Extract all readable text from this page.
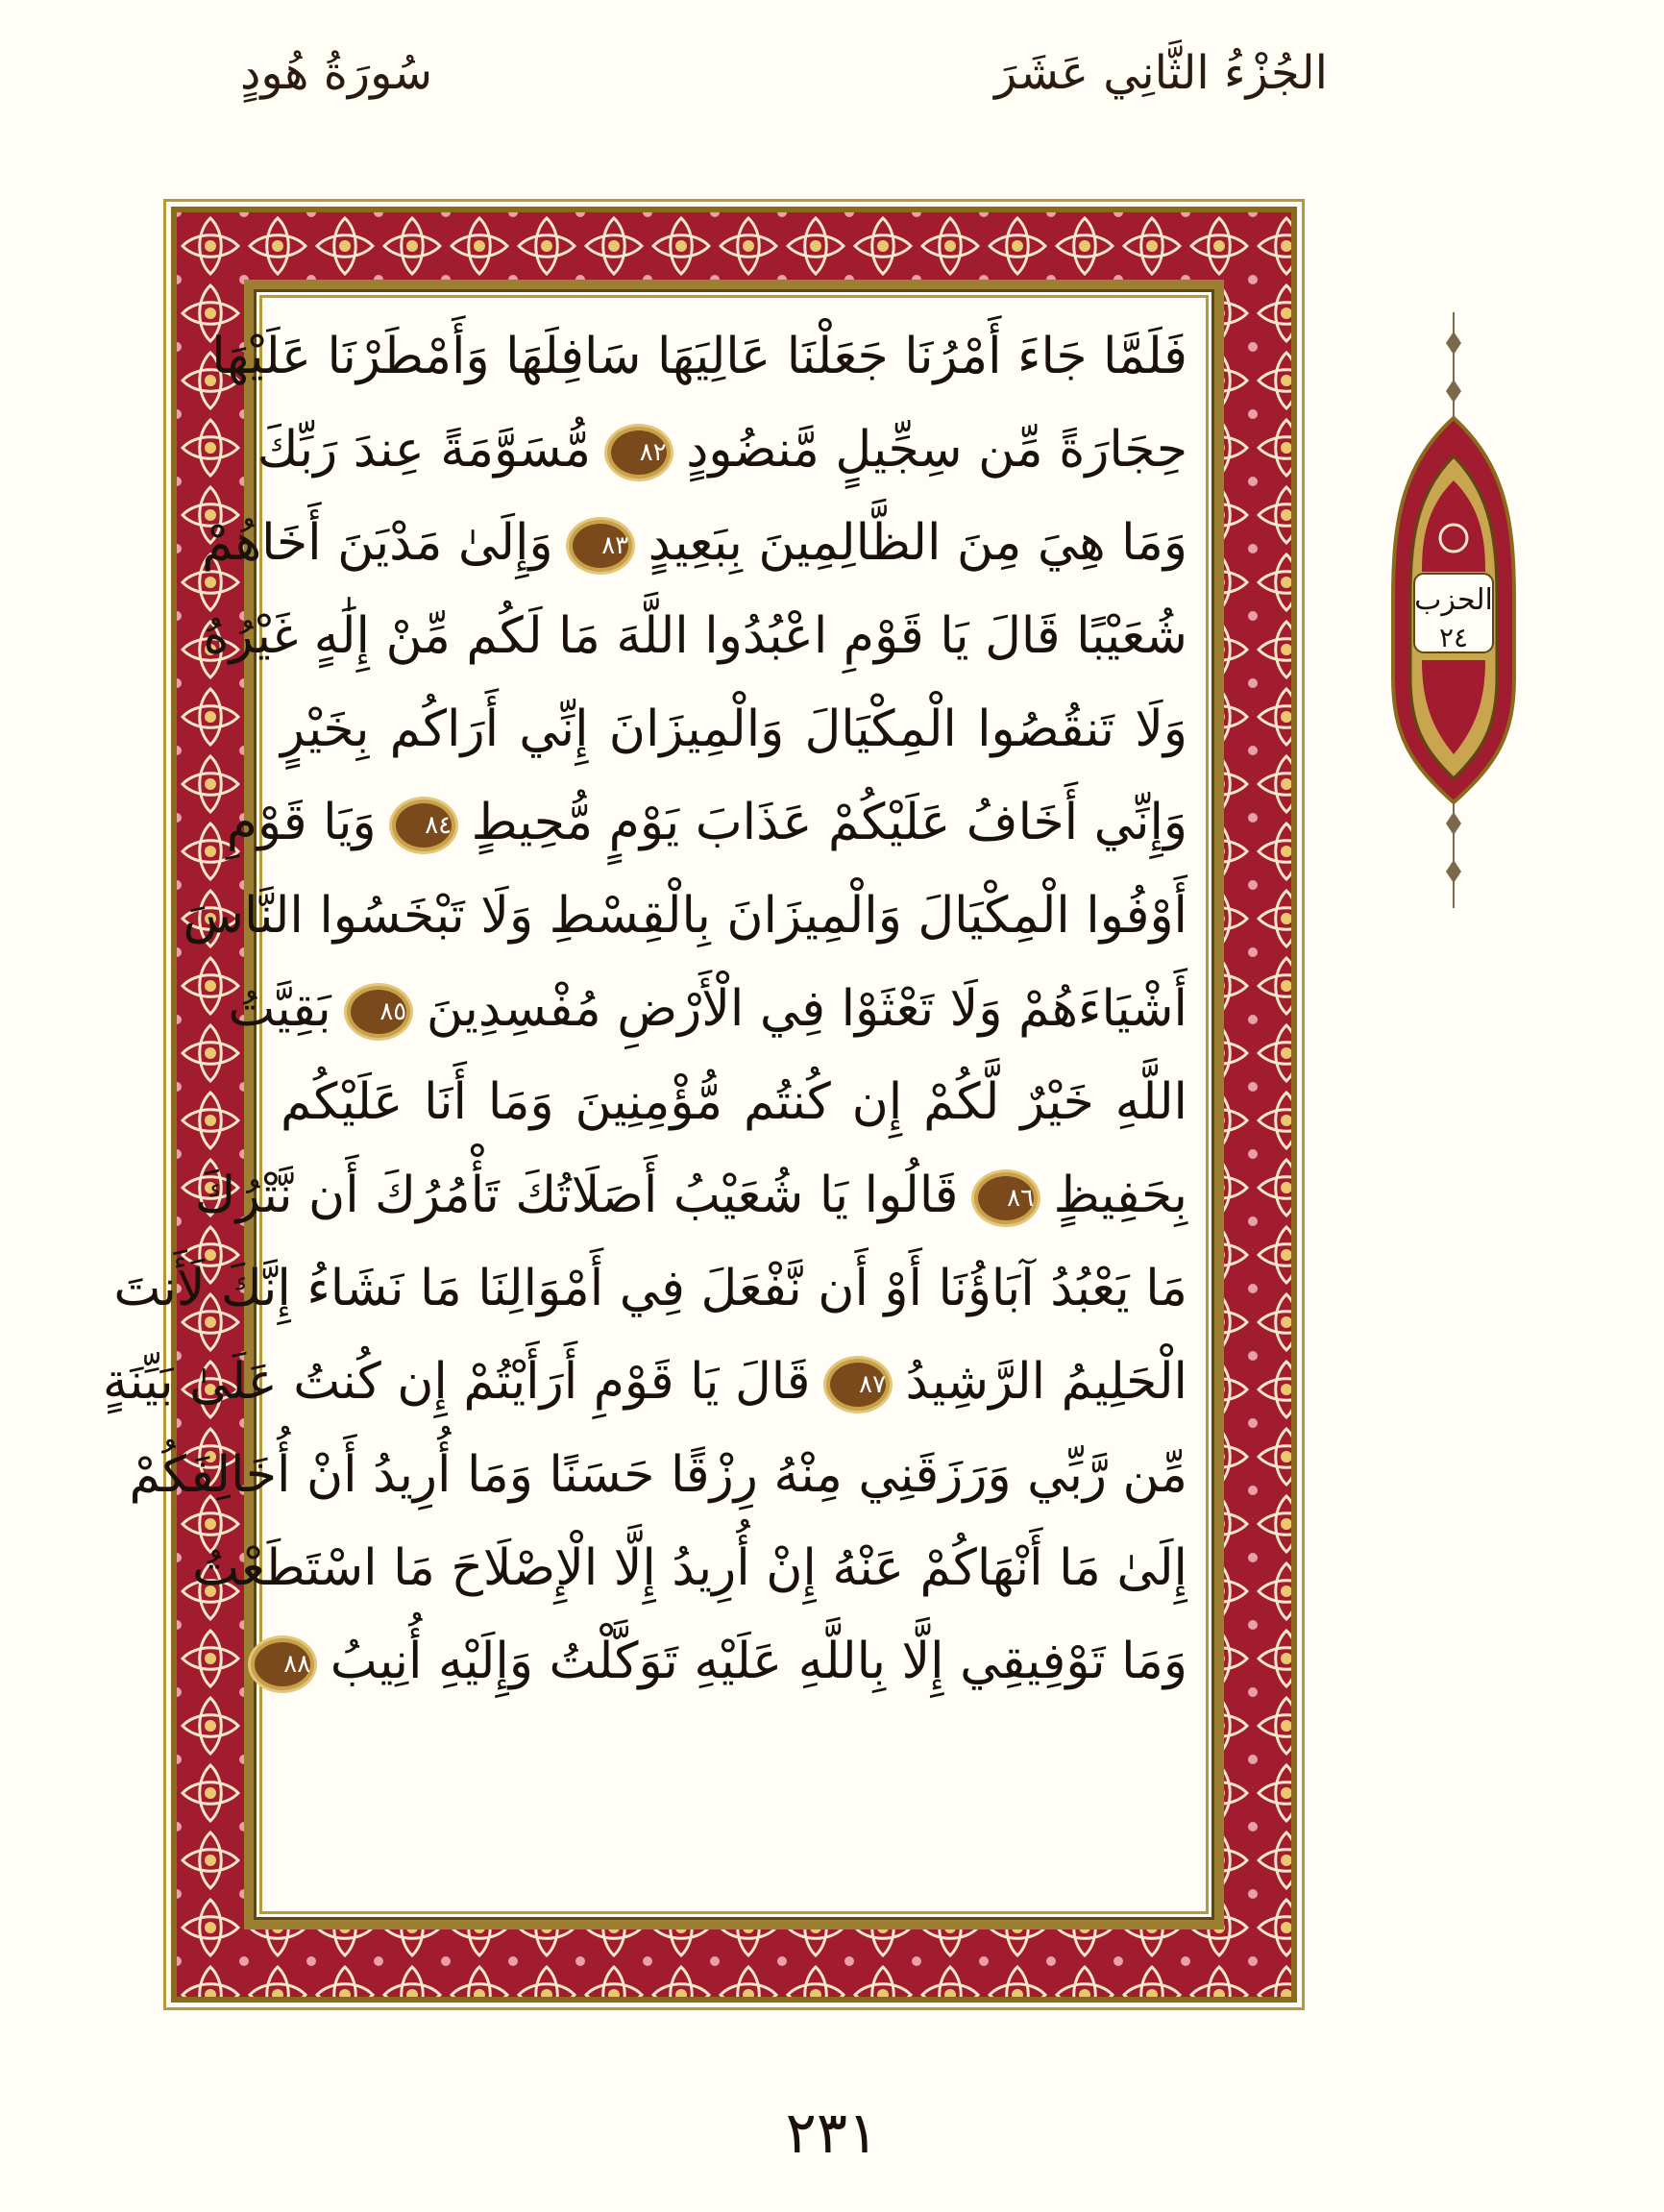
الجُزْءُ الثَّانِي عَشَرَ
سُورَةُ هُودٍ
فَلَمَّا جَاءَ أَمْرُنَا جَعَلْنَا عَالِيَهَا سَافِلَهَا وَأَمْطَرْنَا عَلَيْهَا
حِجَارَةً مِّن سِجِّيلٍ مَّنضُودٍ ٨٢ مُّسَوَّمَةً عِندَ رَبِّكَ
وَمَا هِيَ مِنَ الظَّالِمِينَ بِبَعِيدٍ ٨٣ وَإِلَىٰ مَدْيَنَ أَخَاهُمْ
شُعَيْبًا قَالَ يَا قَوْمِ اعْبُدُوا اللَّهَ مَا لَكُم مِّنْ إِلَٰهٍ غَيْرُهُ
وَلَا تَنقُصُوا الْمِكْيَالَ وَالْمِيزَانَ إِنِّي أَرَاكُم بِخَيْرٍ
وَإِنِّي أَخَافُ عَلَيْكُمْ عَذَابَ يَوْمٍ مُّحِيطٍ ٨٤ وَيَا قَوْمِ
أَوْفُوا الْمِكْيَالَ وَالْمِيزَانَ بِالْقِسْطِ وَلَا تَبْخَسُوا النَّاسَ
أَشْيَاءَهُمْ وَلَا تَعْثَوْا فِي الْأَرْضِ مُفْسِدِينَ ٨٥ بَقِيَّتُ
اللَّهِ خَيْرٌ لَّكُمْ إِن كُنتُم مُّؤْمِنِينَ وَمَا أَنَا عَلَيْكُم
بِحَفِيظٍ ٨٦ قَالُوا يَا شُعَيْبُ أَصَلَاتُكَ تَأْمُرُكَ أَن نَّتْرُكَ
مَا يَعْبُدُ آبَاؤُنَا أَوْ أَن نَّفْعَلَ فِي أَمْوَالِنَا مَا نَشَاءُ إِنَّكَ لَأَنتَ
الْحَلِيمُ الرَّشِيدُ ٨٧ قَالَ يَا قَوْمِ أَرَأَيْتُمْ إِن كُنتُ عَلَىٰ بَيِّنَةٍ
مِّن رَّبِّي وَرَزَقَنِي مِنْهُ رِزْقًا حَسَنًا وَمَا أُرِيدُ أَنْ أُخَالِفَكُمْ
إِلَىٰ مَا أَنْهَاكُمْ عَنْهُ إِنْ أُرِيدُ إِلَّا الْإِصْلَاحَ مَا اسْتَطَعْتُ
وَمَا تَوْفِيقِي إِلَّا بِاللَّهِ عَلَيْهِ تَوَكَّلْتُ وَإِلَيْهِ أُنِيبُ ٨٨
الحزب
٢٤
٢٣١
